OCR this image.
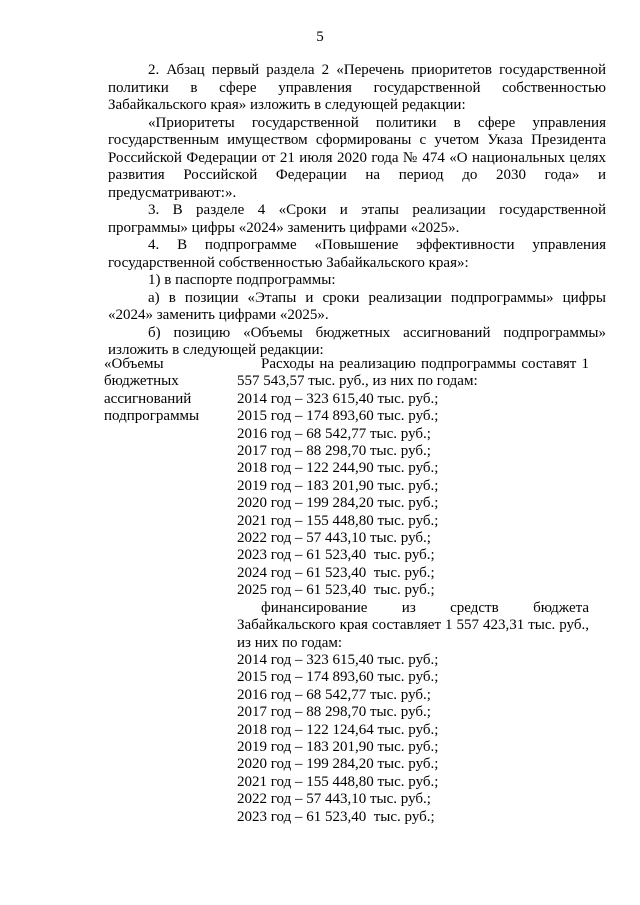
5

2. Абзац первый раздела 2 «Перечень приоритетов государственной политики в сфере управления государственной собственностью Забайкальского края» изложить в следующей редакции:

«Приоритеты государственной политики в сфере управления государственным имуществом сформированы с учетом Указа Президента Российской Федерации от 21 июля 2020 года № 474 «О национальных целях развития Российской Федерации на период до 2030 года» и предусматривают:».

3. В разделе 4 «Сроки и этапы реализации государственной программы» цифры «2024» заменить цифрами «2025».

4. В подпрограмме «Повышение эффективности управления государственной собственностью Забайкальского края»:

1) в паспорте подпрограммы:

а) в позиции «Этапы и сроки реализации подпрограммы» цифры «2024» заменить цифрами «2025».

б) позицию «Объемы бюджетных ассигнований подпрограммы» изложить в следующей редакции:

«Объемы
бюджетных
ассигнований
подпрограммы

Расходы на реализацию подпрограммы составят 1 557 543,57 тыс. руб., из них по годам:

2014 год – 323 615,40 тыс. руб.;

2015 год – 174 893,60 тыс. руб.;

2016 год – 68 542,77 тыс. руб.;

2017 год – 88 298,70 тыс. руб.;

2018 год – 122 244,90 тыс. руб.;

2019 год – 183 201,90 тыс. руб.;

2020 год – 199 284,20 тыс. руб.;

2021 год – 155 448,80 тыс. руб.;

2022 год – 57 443,10 тыс. руб.;

2023 год – 61 523,40  тыс. руб.;

2024 год – 61 523,40  тыс. руб.;

2025 год – 61 523,40  тыс. руб.;

финансирование из средств бюджета Забайкальского края составляет 1 557 423,31 тыс. руб., из них по годам:

2014 год – 323 615,40 тыс. руб.;

2015 год – 174 893,60 тыс. руб.;

2016 год – 68 542,77 тыс. руб.;

2017 год – 88 298,70 тыс. руб.;

2018 год – 122 124,64 тыс. руб.;

2019 год – 183 201,90 тыс. руб.;

2020 год – 199 284,20 тыс. руб.;

2021 год – 155 448,80 тыс. руб.;

2022 год – 57 443,10 тыс. руб.;

2023 год – 61 523,40  тыс. руб.;
